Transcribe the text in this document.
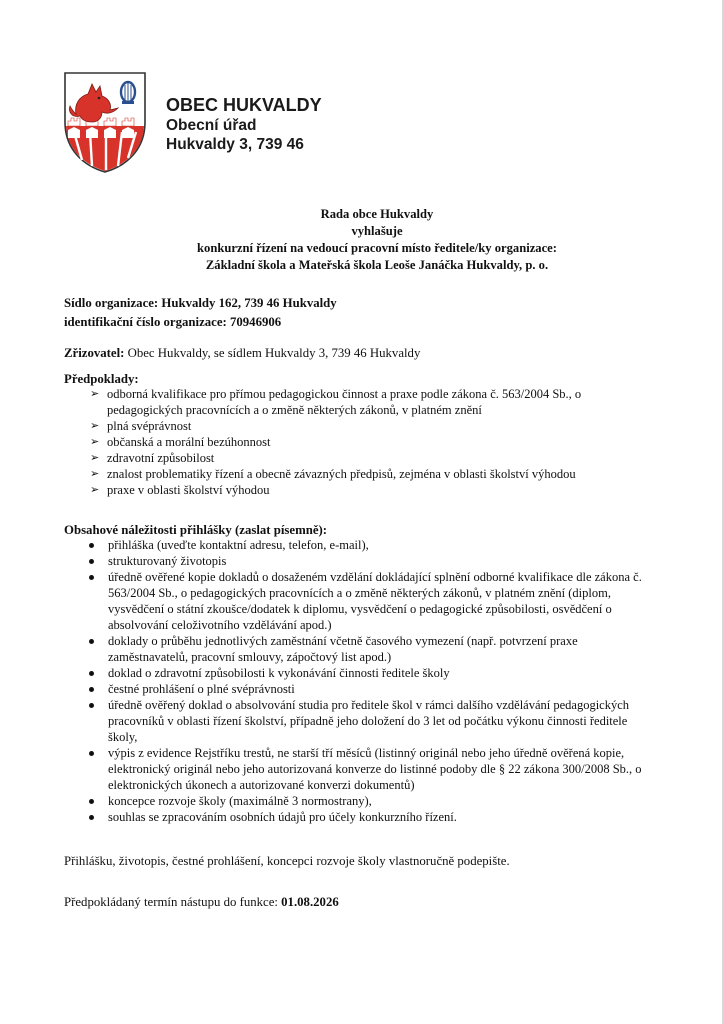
OBEC HUKVALDY
Obecní úřad
Hukvaldy 3, 739 46
Rada obce Hukvaldy
vyhlašuje
konkurzní řízení na vedoucí pracovní místo ředitele/ky organizace:
Základní škola a Mateřská škola Leoše Janáčka Hukvaldy, p. o.
Sídlo organizace: Hukvaldy 162, 739 46 Hukvaldy
identifikační číslo organizace: 70946906
Zřizovatel: Obec Hukvaldy, se sídlem Hukvaldy 3, 739 46 Hukvaldy
Předpoklady:
➢ odborná kvalifikace pro přímou pedagogickou činnost a praxe podle zákona č. 563/2004 Sb., o pedagogických pracovnících a o změně některých zákonů, v platném znění
➢ plná svéprávnost
➢ občanská a morální bezúhonnost
➢ zdravotní způsobilost
➢ znalost problematiky řízení a obecně závazných předpisů, zejména v oblasti školství výhodou
➢ praxe v oblasti školství výhodou
Obsahové náležitosti přihlášky (zaslat písemně):
přihláška (uveďte kontaktní adresu, telefon, e-mail),
strukturovaný životopis
úředně ověřené kopie dokladů o dosaženém vzdělání dokládající splnění odborné kvalifikace dle zákona č. 563/2004 Sb., o pedagogických pracovnících a o změně některých zákonů, v platném znění (diplom, vysvědčení o státní zkoušce/dodatek k diplomu, vysvědčení o pedagogické způsobilosti, osvědčení o absolvování celoživotního vzdělávání apod.)
doklady o průběhu jednotlivých zaměstnání včetně časového vymezení (např. potvrzení praxe zaměstnavatelů, pracovní smlouvy, zápočtový list apod.)
doklad o zdravotní způsobilosti k vykonávání činnosti ředitele školy
čestné prohlášení o plné svéprávnosti
úředně ověřený doklad o absolvování studia pro ředitele škol v rámci dalšího vzdělávání pedagogických pracovníků v oblasti řízení školství, případně jeho doložení do 3 let od počátku výkonu činnosti ředitele školy,
výpis z evidence Rejstříku trestů, ne starší tří měsíců (listinný originál nebo jeho úředně ověřená kopie, elektronický originál nebo jeho autorizovaná konverze do listinné podoby dle § 22 zákona 300/2008 Sb., o elektronických úkonech a autorizované konverzi dokumentů)
koncepce rozvoje školy (maximálně 3 normostrany),
souhlas se zpracováním osobních údajů pro účely konkurzního řízení.
Přihlášku, životopis, čestné prohlášení, koncepci rozvoje školy vlastnoručně podepište.
Předpokládaný termín nástupu do funkce: 01.08.2026
